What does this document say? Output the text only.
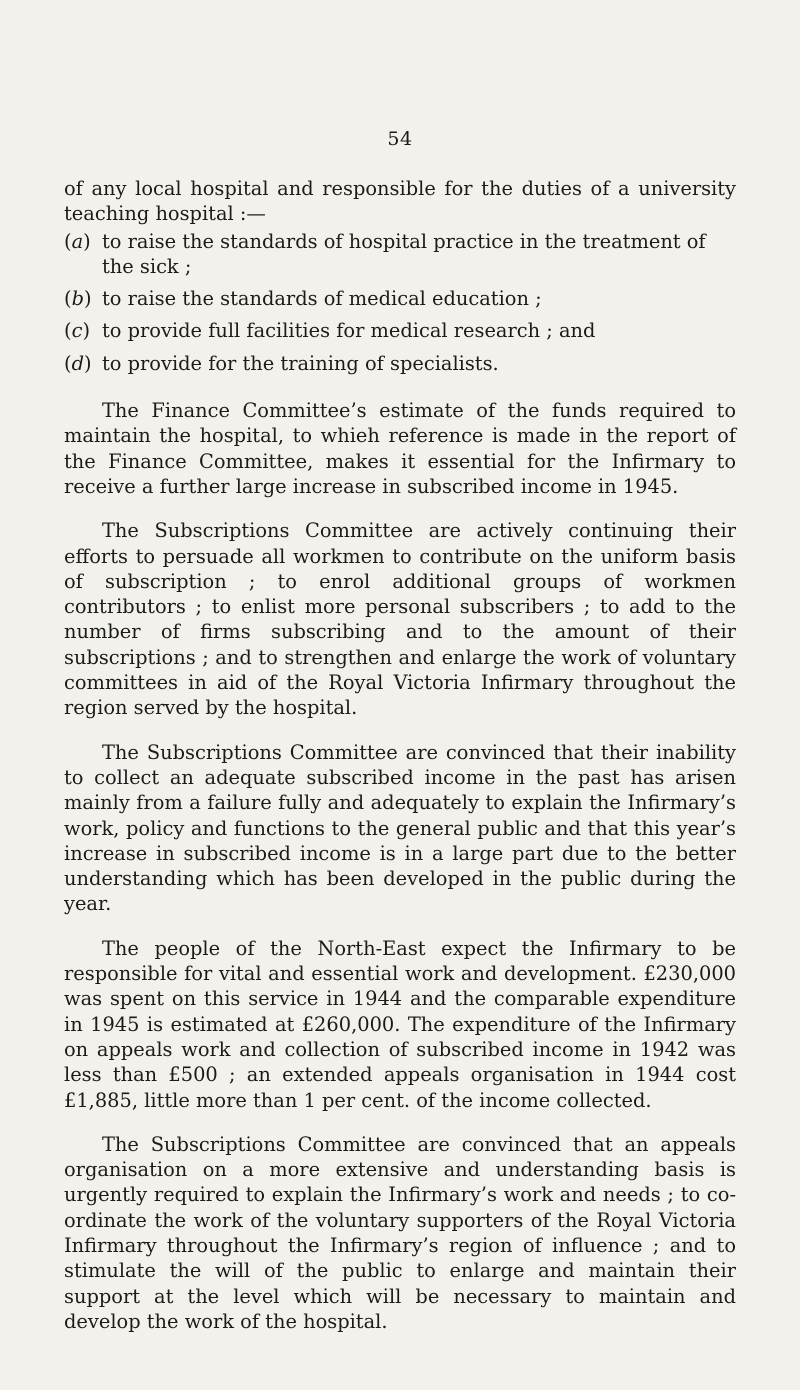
54

of any local hospital and responsible for the duties of a university teaching hospital :—

(a) to raise the standards of hospital practice in the treatment of the sick ;
(b) to raise the standards of medical education ;
(c) to provide full facilities for medical research ; and
(d) to provide for the training of specialists.

The Finance Committee’s estimate of the funds required to maintain the hospital, to whieh reference is made in the report of the Finance Committee, makes it essential for the Infirmary to receive a further large increase in subscribed income in 1945.

The Subscriptions Committee are actively continuing their efforts to persuade all workmen to contribute on the uniform basis of subscription ; to enrol additional groups of workmen contributors ; to enlist more personal subscribers ; to add to the number of firms subscribing and to the amount of their subscriptions ; and to strengthen and enlarge the work of voluntary committees in aid of the Royal Victoria Infirmary throughout the region served by the hospital.

The Subscriptions Committee are convinced that their inability to collect an adequate subscribed income in the past has arisen mainly from a failure fully and adequately to explain the Infirmary’s work, policy and functions to the general public and that this year’s increase in subscribed income is in a large part due to the better understanding which has been developed in the public during the year.

The people of the North-East expect the Infirmary to be responsible for vital and essential work and development. £230,000 was spent on this service in 1944 and the comparable expenditure in 1945 is estimated at £260,000. The expenditure of the Infirmary on appeals work and collection of subscribed income in 1942 was less than £500 ; an extended appeals organisation in 1944 cost £1,885, little more than 1 per cent. of the income collected.

The Subscriptions Committee are convinced that an appeals organisation on a more extensive and understanding basis is urgently required to explain the Infirmary’s work and needs ; to co-ordinate the work of the voluntary supporters of the Royal Victoria Infirmary throughout the Infirmary’s region of influence ; and to stimulate the will of the public to enlarge and maintain their support at the level which will be necessary to maintain and develop the work of the hospital.
